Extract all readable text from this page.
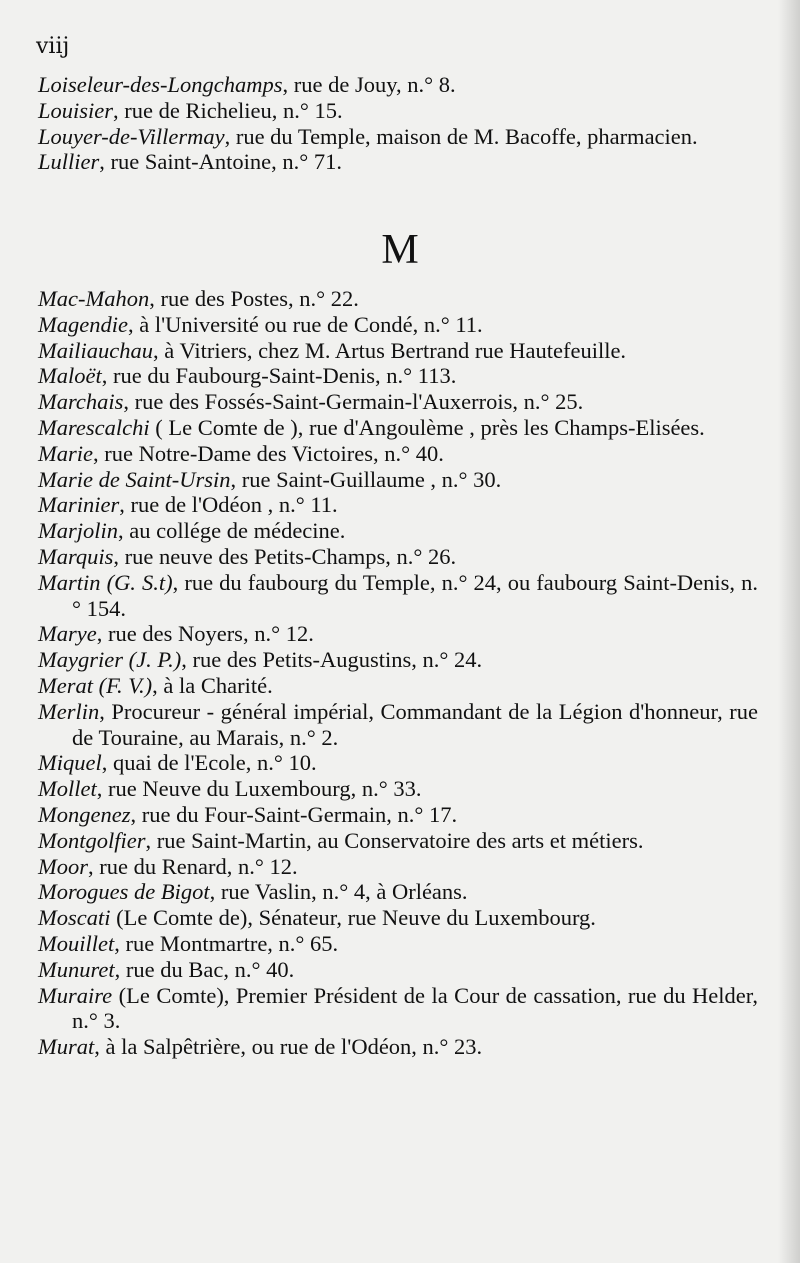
viij
Loiseleur-des-Longchamps, rue de Jouy, n.° 8.
Louisier, rue de Richelieu, n.° 15.
Louyer-de-Villermay, rue du Temple, maison de M. Bacoffe, pharmacien.
Lullier, rue Saint-Antoine, n.° 71.
M
Mac-Mahon, rue des Postes, n.° 22.
Magendie, à l'Université ou rue de Condé, n.° 11.
Mailiauchau, à Vitriers, chez M. Artus Bertrand rue Hautefeuille.
Maloët, rue du Faubourg-Saint-Denis, n.° 113.
Marchais, rue des Fossés-Saint-Germain-l'Auxerrois, n.° 25.
Marescalchi ( Le Comte de ), rue d'Angoulème , près les Champs-Elisées.
Marie, rue Notre-Dame des Victoires, n.° 40.
Marie de Saint-Ursin, rue Saint-Guillaume , n.° 30.
Marinier, rue de l'Odéon , n.° 11.
Marjolin, au collége de médecine.
Marquis, rue neuve des Petits-Champs, n.° 26.
Martin (G. S.t), rue du faubourg du Temple, n.° 24, ou faubourg Saint-Denis, n.° 154.
Marye, rue des Noyers, n.° 12.
Maygrier (J. P.), rue des Petits-Augustins, n.° 24.
Merat (F. V.), à la Charité.
Merlin, Procureur - général impérial, Commandant de la Légion d'honneur, rue de Touraine, au Marais, n.° 2.
Miquel, quai de l'Ecole, n.° 10.
Mollet, rue Neuve du Luxembourg, n.° 33.
Mongenez, rue du Four-Saint-Germain, n.° 17.
Montgolfier, rue Saint-Martin, au Conservatoire des arts et métiers.
Moor, rue du Renard, n.° 12.
Morogues de Bigot, rue Vaslin, n.° 4, à Orléans.
Moscati (Le Comte de), Sénateur, rue Neuve du Luxembourg.
Mouillet, rue Montmartre, n.° 65.
Munuret, rue du Bac, n.° 40.
Muraire (Le Comte), Premier Président de la Cour de cassation, rue du Helder, n.° 3.
Murat, à la Salpêtrière, ou rue de l'Odéon, n.° 23.
